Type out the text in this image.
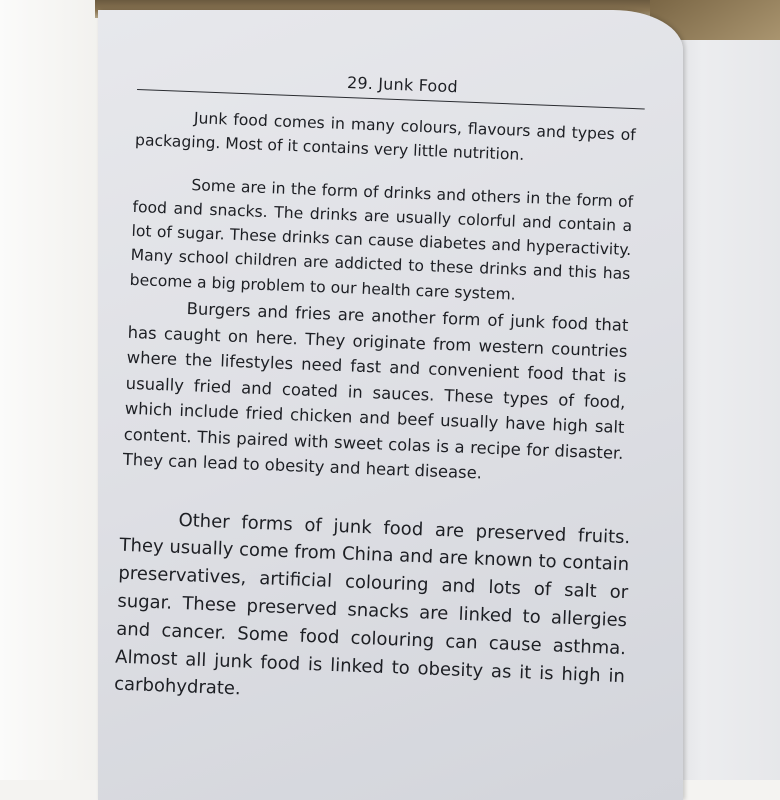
29. Junk Food

Junk food comes in many colours, flavours and types of packaging. Most of it contains very little nutrition.

Some are in the form of drinks and others in the form of food and snacks. The drinks are usually colorful and contain a lot of sugar. These drinks can cause diabetes and hyperactivity. Many school children are addicted to these drinks and this has become a big problem to our health care system.

Burgers and fries are another form of junk food that has caught on here. They originate from western countries where the lifestyles need fast and convenient food that is usually fried and coated in sauces. These types of food, which include fried chicken and beef usually have high salt content. This paired with sweet colas is a recipe for disaster. They can lead to obesity and heart disease.

Other forms of junk food are preserved fruits. They usually come from China and are known to contain preservatives, artificial colouring and lots of salt or sugar. These preserved snacks are linked to allergies and cancer. Some food colouring can cause asthma. Almost all junk food is linked to obesity as it is high in carbohydrate.
